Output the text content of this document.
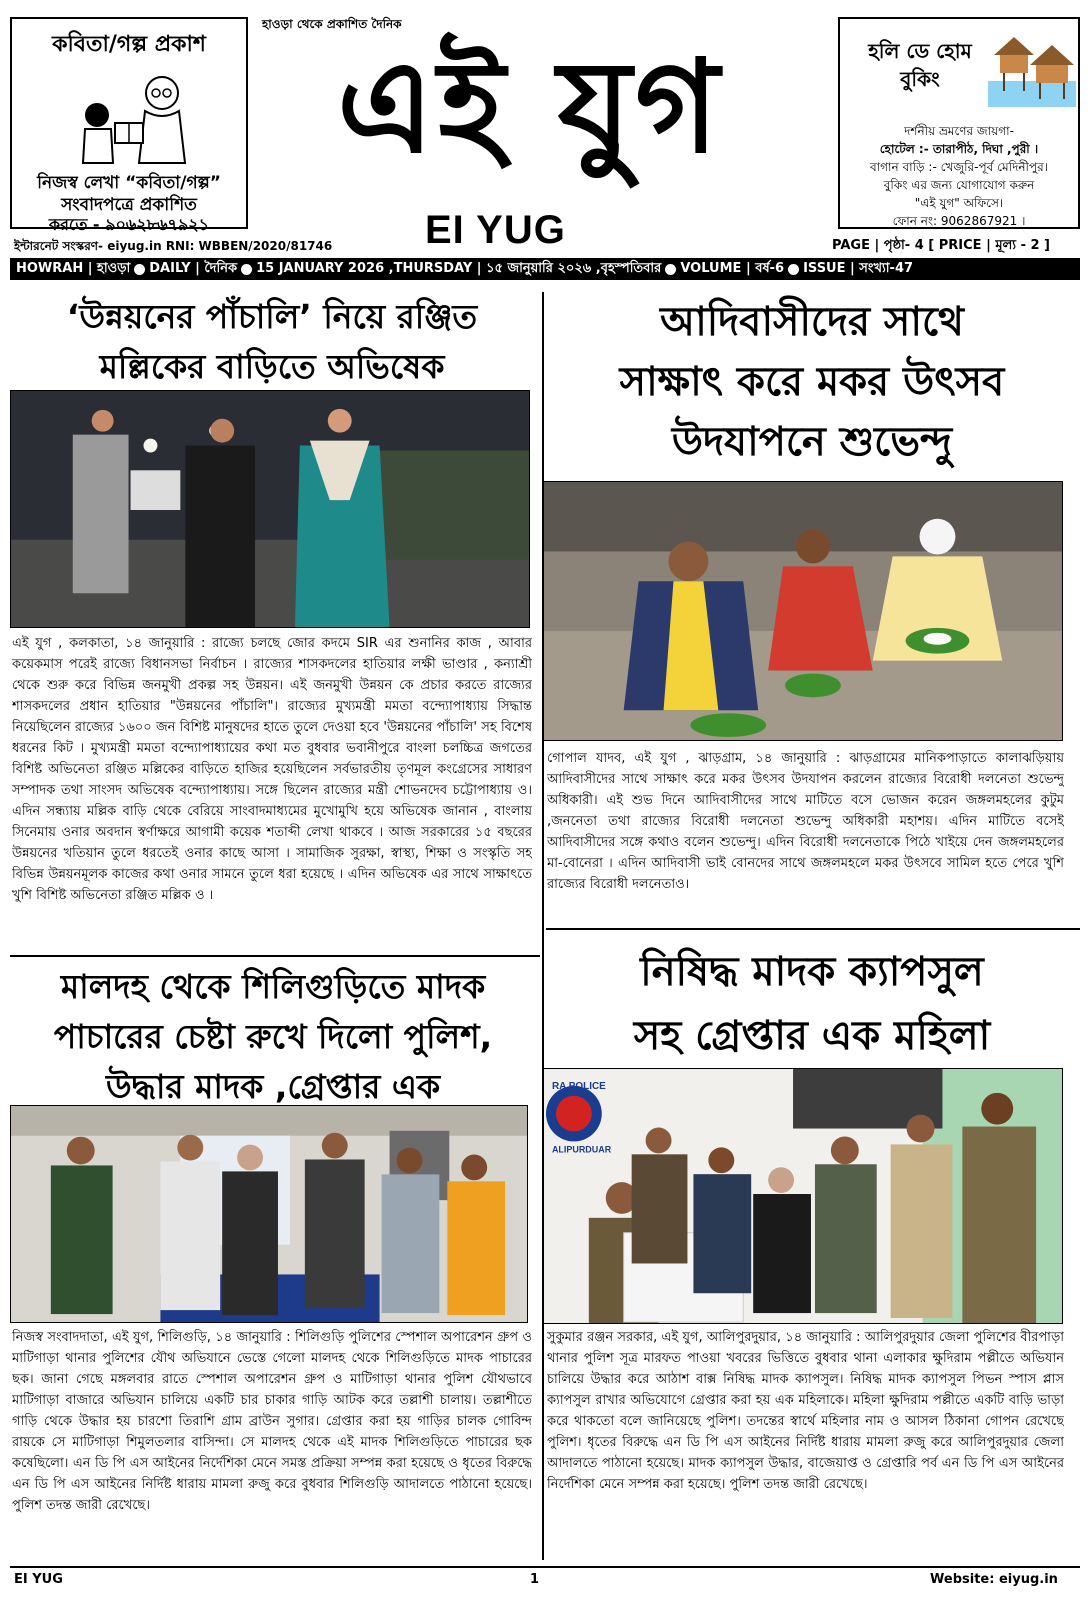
কবিতা/গল্প প্রকাশ
নিজস্ব লেখা “কবিতা/গল্প”
সংবাদপত্রে প্রকাশিত
করতে - ৯০৬২৮৬৭৯২১
হাওড়া থেকে প্রকাশিত দৈনিক
এই যুগ
EI YUG
হলি ডে হোম বুকিং
দর্শনীয় ভ্রমণের জায়গা-
হোটেল :- তারাপীঠ, দিঘা ,পুরী ।
বাগান বাড়ি :- খেজুরি-পূর্ব মেদিনীপুর।
বুকিং এর জন্য যোগাযোগ করুন
"এই যুগ" অফিসে।
ফোন নং: 9062867921 ।
ইন্টারনেট সংস্করণ- eiyug.in RNI: WBBEN/2020/81746	PAGE | পৃষ্ঠা- 4 [ PRICE | মূল্য - 2 ]
HOWRAH | হাওড়া DAILY | দৈনিক 15 JANUARY 2026 ,THURSDAY | ১৫ জানুয়ারি ২০২৬ ,বৃহস্পতিবার VOLUME | বর্ষ-6 ISSUE | সংখ্যা-47
‘উন্নয়নের পাঁচালি’ নিয়ে রঞ্জিত
মল্লিকের বাড়িতে অভিষেক
এই যুগ , কলকাতা, ১৪ জানুয়ারি : রাজ্যে চলছে জোর কদমে SIR এর শুনানির কাজ , আবার কয়েকমাস পরেই রাজ্যে বিধানসভা নির্বাচন । রাজ্যের শাসকদলের হাতিয়ার লক্ষী ভাণ্ডার , কন্যাশ্রী থেকে শুরু করে বিভিন্ন জনমুখী প্রকল্প সহ উন্নয়ন। এই জনমুখী উন্নয়ন কে প্রচার করতে রাজ্যের শাসকদলের প্রধান হাতিয়ার "উন্নয়নের পাঁচালি"। রাজ্যের মুখ্যমন্ত্রী মমতা বন্দ্যোপাধ্যায় সিদ্ধান্ত নিয়েছিলেন রাজ্যের ১৬০০ জন বিশিষ্ট মানুষদের হাতে তুলে দেওয়া হবে 'উন্নয়নের পাঁচালি' সহ বিশেষ ধরনের কিট । মুখ্যমন্ত্রী মমতা বন্দ্যোপাধ্যায়ের কথা মত বুধবার ভবানীপুরে বাংলা চলচ্চিত্র জগতের বিশিষ্ট অভিনেতা রঞ্জিত মল্লিকের বাড়িতে হাজির হয়েছিলেন সর্বভারতীয় তৃণমূল কংগ্রেসের সাধারণ সম্পাদক তথা সাংসদ অভিষেক বন্দ্যোপাধ্যায়। সঙ্গে ছিলেন রাজ্যের মন্ত্রী শোভনদেব চট্টোপাধ্যায় ও।এদিন সন্ধ্যায় মল্লিক বাড়ি থেকে বেরিয়ে সাংবাদমাধ্যমের মুখোমুখি হয়ে অভিষেক জানান , বাংলায় সিনেমায় ওনার অবদান স্বর্ণাক্ষরে আগামী কয়েক শতাব্দী লেখা থাকবে । আজ সরকারের ১৫ বছরের উন্নয়নের খতিয়ান তুলে ধরতেই ওনার কাছে আসা । সামাজিক সুরক্ষা, স্বাস্থ্য, শিক্ষা ও সংস্কৃতি সহ বিভিন্ন উন্নয়নমূলক কাজের কথা ওনার সামনে তুলে ধরা হয়েছে । এদিন অভিষেক এর সাথে সাক্ষাৎতে খুশি বিশিষ্ট অভিনেতা রঞ্জিত মল্লিক ও ।
আদিবাসীদের সাথে
সাক্ষাৎ করে মকর উৎসব
উদযাপনে শুভেন্দু
গোপাল যাদব, এই যুগ , ঝাড়গ্রাম, ১৪ জানুয়ারি : ঝাড়গ্রামের মানিকপাড়াতে কালাঝড়িয়ায় আদিবাসীদের সাথে সাক্ষাৎ করে মকর উৎসব উদযাপন করলেন রাজ্যের বিরোধী দলনেতা শুভেন্দু অধিকারী। এই শুভ দিনে আদিবাসীদের সাথে মাটিতে বসে ভোজন করেন জঙ্গলমহলের কুটুম ,জননেতা তথা রাজ্যের বিরোধী দলনেতা শুভেন্দু অধিকারী মহাশয়। এদিন মাটিতে বসেই আদিবাসীদের সঙ্গে কথাও বলেন শুভেন্দু। এদিন বিরোধী দলনেতাকে পিঠে খাইয়ে দেন জঙ্গলমহলের মা-বোনেরা । এদিন আদিবাসী ভাই বোনদের সাথে জঙ্গলমহলে মকর উৎসবে সামিল হতে পেরে খুশি রাজ্যের বিরোধী দলনেতাও।
মালদহ থেকে শিলিগুড়িতে মাদক
পাচারের চেষ্টা রুখে দিলো পুলিশ,
উদ্ধার মাদক ,গ্রেপ্তার এক
নিজস্ব সংবাদদাতা, এই যুগ, শিলিগুড়ি, ১৪ জানুয়ারি : শিলিগুড়ি পুলিশের স্পেশাল অপারেশন গ্রুপ ও মাটিগাড়া থানার পুলিশের যৌথ অভিযানে ভেস্তে গেলো মালদহ থেকে শিলিগুড়িতে মাদক পাচারের ছক। জানা গেছে মঙ্গলবার রাতে স্পেশাল অপারেশন গ্রুপ ও মাটিগাড়া থানার পুলিশ যৌথভাবে মাটিগাড়া বাজারে অভিযান চালিয়ে একটি চার চাকার গাড়ি আটক করে তল্লাশী চালায়। তল্লাশীতে গাড়ি থেকে উদ্ধার হয় চারশো তিরাশি গ্রাম ব্রাউন সুগার। গ্রেপ্তার করা হয় গাড়ির চালক গোবিন্দ রায়কে সে মাটিগাড়া শিমুলতলার বাসিন্দা। সে মালদহ থেকে এই মাদক শিলিগুড়িতে পাচারের ছক কষেছিলো। এন ডি পি এস আইনের নির্দেশিকা মেনে সমস্ত প্রক্রিয়া সম্পন্ন করা হয়েছে ও ধৃতের বিরুদ্ধে এন ডি পি এস আইনের নির্দিষ্ট ধারায় মামলা রুজু করে বুধবার শিলিগুড়ি আদালতে পাঠানো হয়েছে। পুলিশ তদন্ত জারী রেখেছে।
নিষিদ্ধ মাদক ক্যাপসুল
সহ গ্রেপ্তার এক মহিলা
RA POLICE
ALIPURDUAR
সুকুমার রঞ্জন সরকার, এই যুগ, আলিপুরদুয়ার, ১৪ জানুয়ারি : আলিপুরদুয়ার জেলা পুলিশের বীরপাড়া থানার পুলিশ সূত্র মারফত পাওয়া খবরের ভিত্তিতে বুধবার থানা এলাকার ক্ষুদিরাম পল্লীতে অভিযান চালিয়ে উদ্ধার করে আঠাশ বাক্স নিষিদ্ধ মাদক ক্যাপসুল। নিষিদ্ধ মাদক ক্যাপসুল পিভন স্পাস প্লাস ক্যাপসুল রাখার অভিযোগে গ্রেপ্তার করা হয় এক মহিলাকে। মহিলা ক্ষুদিরাম পল্লীতে একটি বাড়ি ভাড়া করে থাকতো বলে জানিয়েছে পুলিশ। তদন্তের স্বার্থে মহিলার নাম ও আসল ঠিকানা গোপন রেখেছে পুলিশ। ধৃতের বিরুদ্ধে এন ডি পি এস আইনের নির্দিষ্ট ধারায় মামলা রুজু করে আলিপুরদুয়ার জেলা আদালতে পাঠানো হয়েছে। মাদক ক্যাপসুল উদ্ধার, বাজেয়াপ্ত ও গ্রেপ্তারি পর্ব এন ডি পি এস আইনের নির্দেশিকা মেনে সম্পন্ন করা হয়েছে। পুলিশ তদন্ত জারী রেখেছে।
EI YUG	1	Website: eiyug.in
